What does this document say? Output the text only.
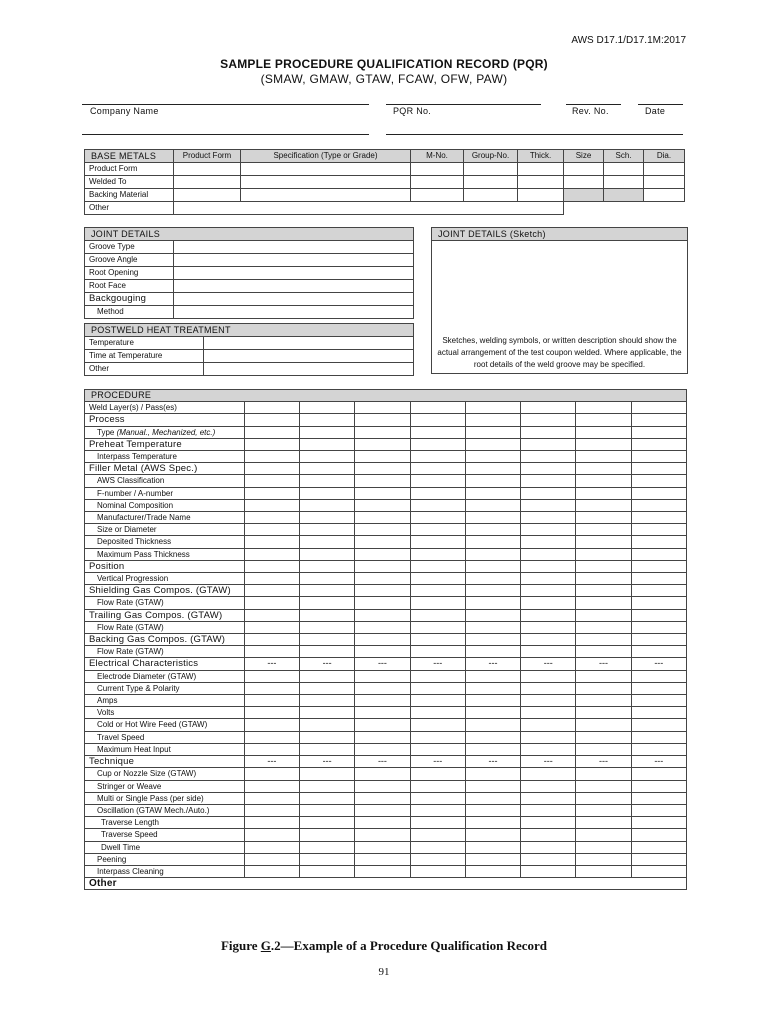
AWS D17.1/D17.1M:2017
SAMPLE PROCEDURE QUALIFICATION RECORD (PQR)
(SMAW, GMAW, GTAW, FCAW, OFW, PAW)
Company Name	PQR No.	Rev. No.	Date
BASE METALS	Product Form	Specification (Type or Grade)	M-No.	Group-No.	Thick.	Size	Sch.	Dia.
Product Form								
Welded To								
Backing Material								
Other								
JOINT DETAILS	
Groove Type	
Groove Angle	
Root Opening	
Root Face	
Backgouging	
Method	
JOINT DETAILS (Sketch)
Sketches, welding symbols, or written description should show the actual arrangement of the test coupon welded. Where applicable, the root details of the weld groove may be specified.
POSTWELD HEAT TREATMENT	
Temperature	
Time at Temperature	
Other	
PROCEDURE								
Weld Layer(s) / Pass(es)								
Process								
Type (Manual., Mechanized, etc.)								
Preheat Temperature								
Interpass Temperature								
Filler Metal (AWS Spec.)								
AWS Classification								
F-number / A-number								
Nominal Composition								
Manufacturer/Trade Name								
Size or Diameter								
Deposited Thickness								
Maximum Pass Thickness								
Position								
Vertical Progression								
Shielding Gas Compos. (GTAW)								
Flow Rate (GTAW)								
Trailing Gas Compos. (GTAW)								
Flow Rate (GTAW)								
Backing Gas Compos. (GTAW)								
Flow Rate (GTAW)								
Electrical Characteristics	---	---	---	---	---	---	---	---
Electrode Diameter (GTAW)								
Current Type & Polarity								
Amps								
Volts								
Cold or Hot Wire Feed (GTAW)								
Travel Speed								
Maximum Heat Input								
Technique	---	---	---	---	---	---	---	---
Cup or Nozzle Size (GTAW)								
Stringer or Weave								
Multi or Single Pass (per side)								
Oscillation (GTAW Mech./Auto.)								
Traverse Length								
Traverse Speed								
Dwell Time								
Peening								
Interpass Cleaning								
Other								
Figure G.2—Example of a Procedure Qualification Record
91
